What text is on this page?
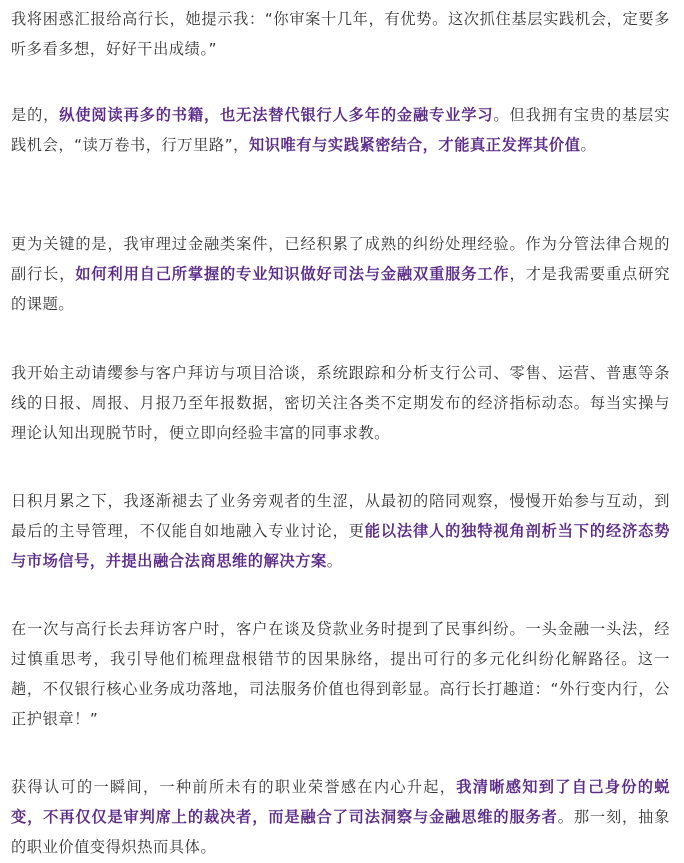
我将困惑汇报给高行长，她提示我：“你审案十几年，有优势。这次抓住基层实践机会，定要多听多看多想，好好干出成绩。”

是的，纵使阅读再多的书籍，也无法替代银行人多年的金融专业学习。但我拥有宝贵的基层实践机会，“读万卷书，行万里路”，知识唯有与实践紧密结合，才能真正发挥其价值。

更为关键的是，我审理过金融类案件，已经积累了成熟的纠纷处理经验。作为分管法律合规的副行长，如何利用自己所掌握的专业知识做好司法与金融双重服务工作，才是我需要重点研究的课题。

我开始主动请缨参与客户拜访与项目洽谈，系统跟踪和分析支行公司、零售、运营、普惠等条线的日报、周报、月报乃至年报数据，密切关注各类不定期发布的经济指标动态。每当实操与理论认知出现脱节时，便立即向经验丰富的同事求教。

日积月累之下，我逐渐褪去了业务旁观者的生涩，从最初的陪同观察，慢慢开始参与互动，到最后的主导管理，不仅能自如地融入专业讨论，更能以法律人的独特视角剖析当下的经济态势与市场信号，并提出融合法商思维的解决方案。

在一次与高行长去拜访客户时，客户在谈及贷款业务时提到了民事纠纷。一头金融一头法，经过慎重思考，我引导他们梳理盘根错节的因果脉络，提出可行的多元化纠纷化解路径。这一趟，不仅银行核心业务成功落地，司法服务价值也得到彰显。高行长打趣道：“外行变内行，公正护银章！”

获得认可的一瞬间，一种前所未有的职业荣誉感在内心升起，我清晰感知到了自己身份的蜕变，不再仅仅是审判席上的裁决者，而是融合了司法洞察与金融思维的服务者。那一刻，抽象的职业价值变得炽热而具体。
